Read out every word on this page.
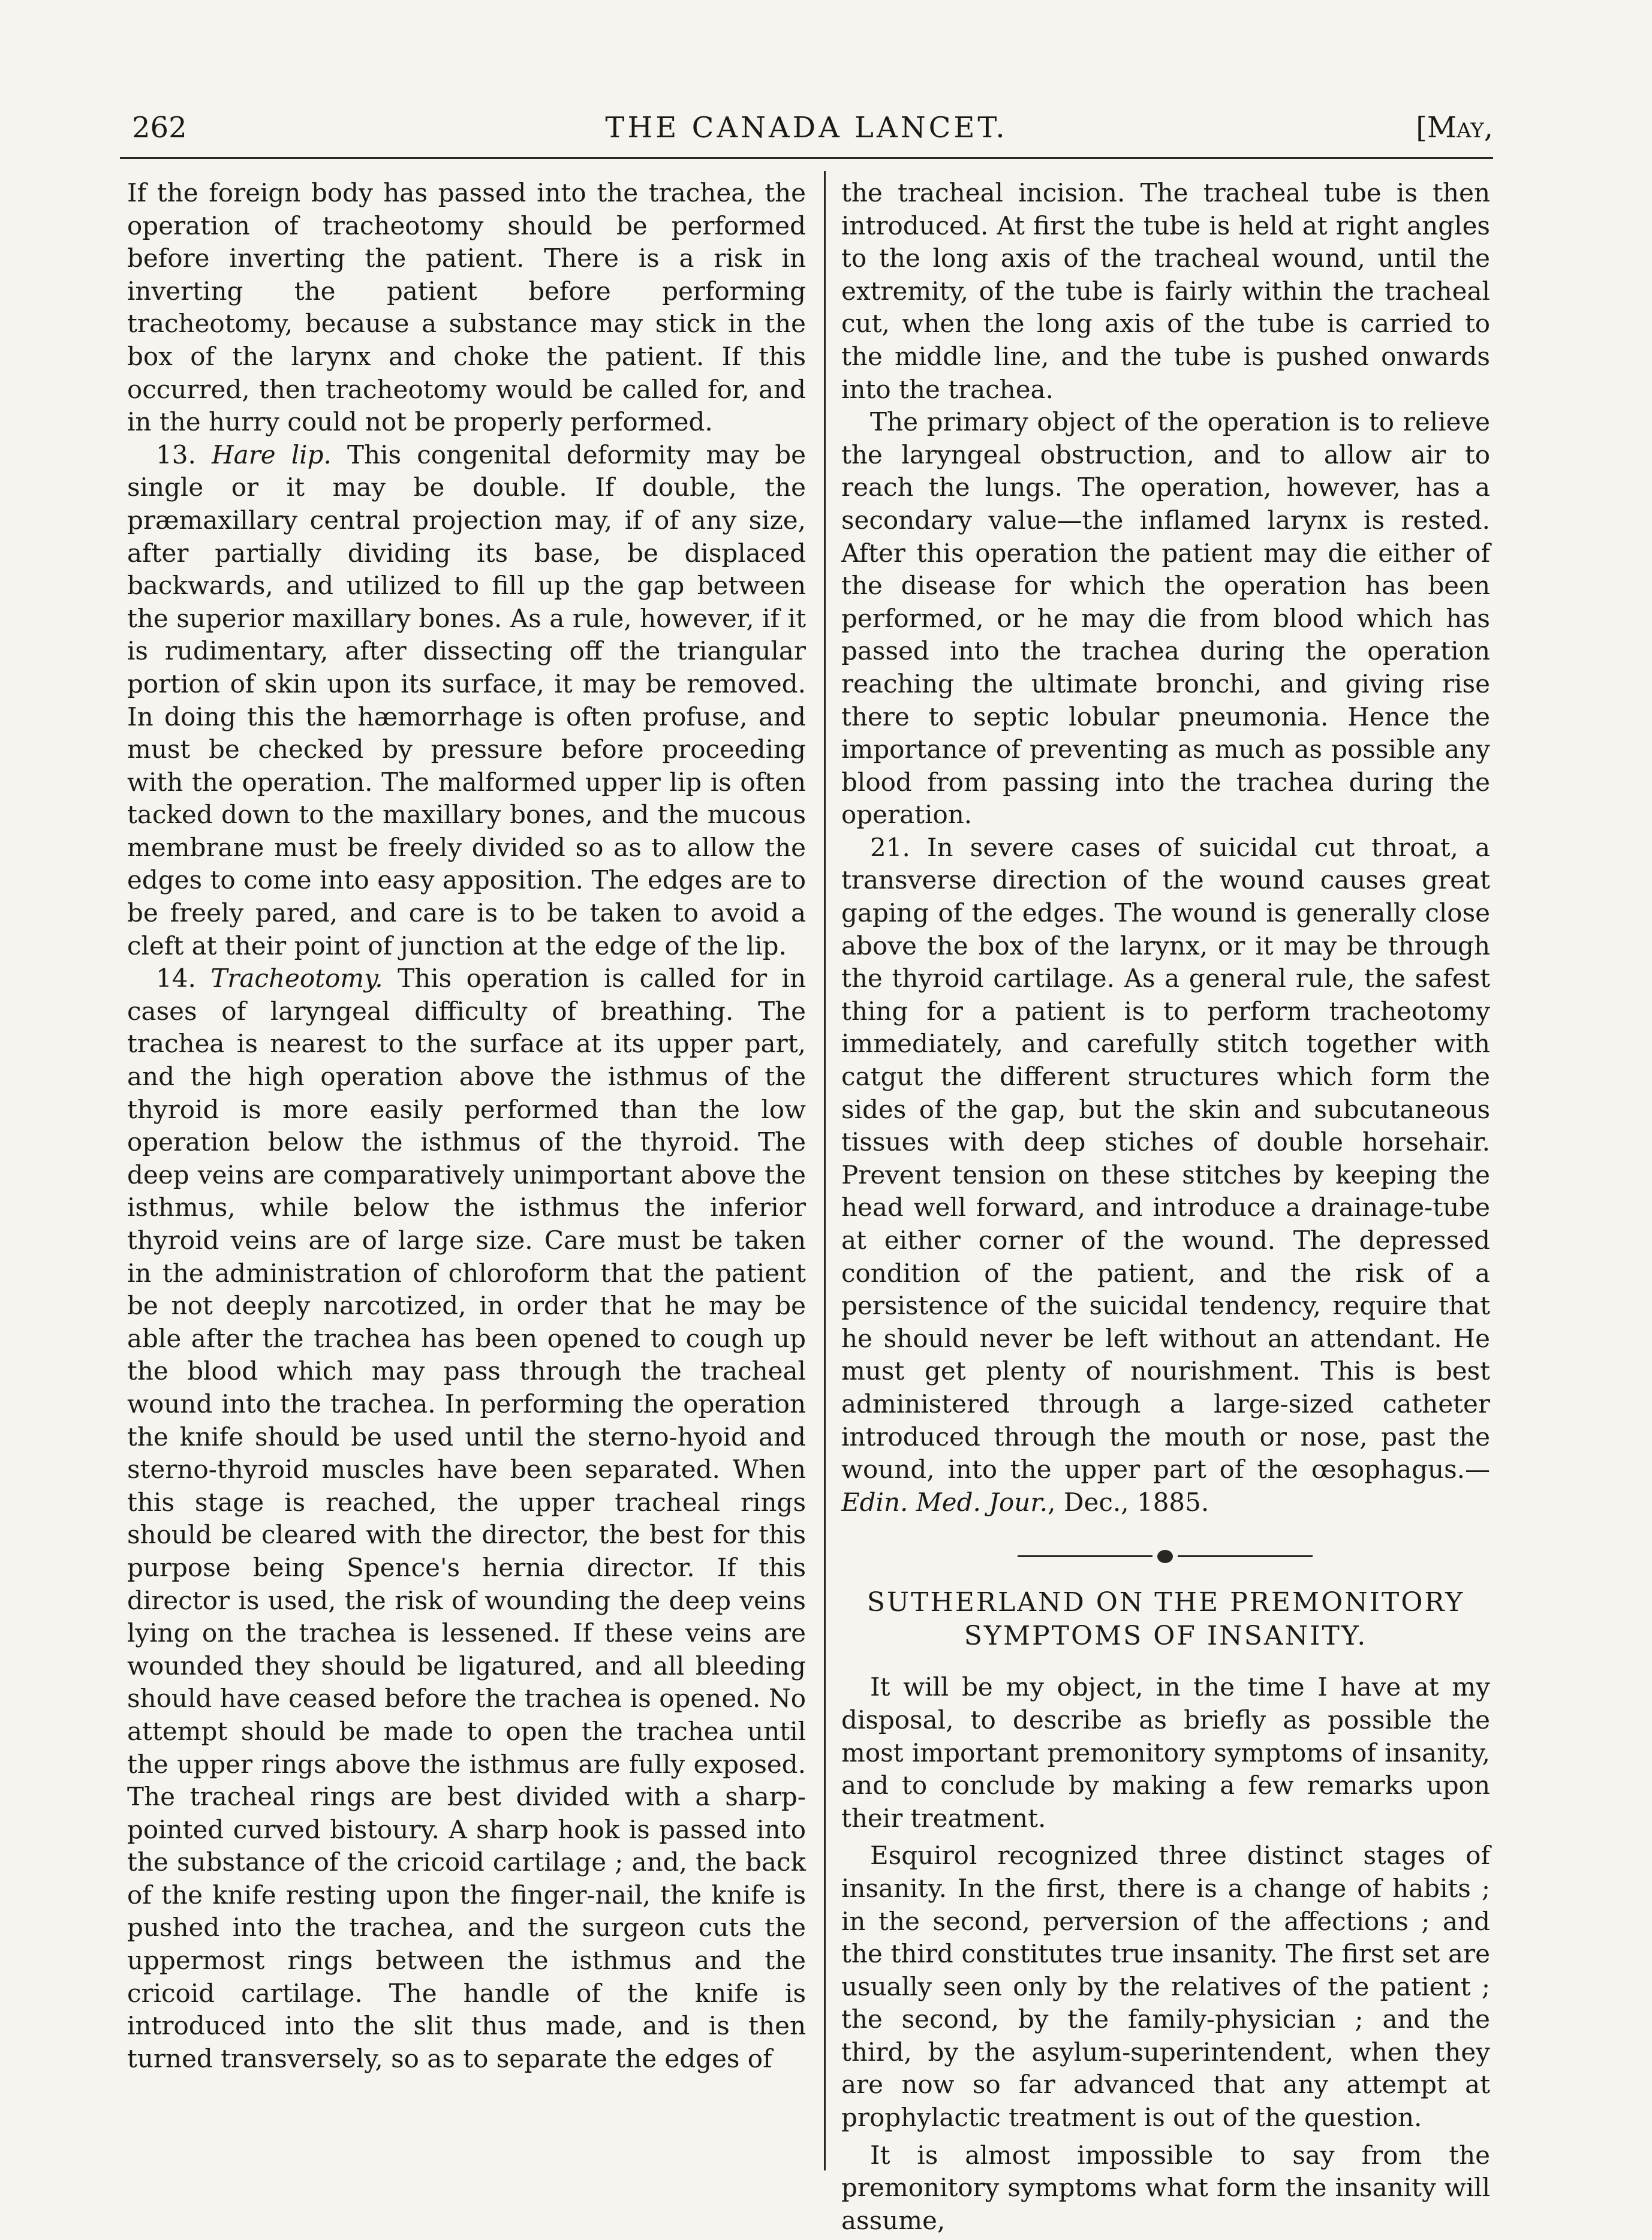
262	THE CANADA LANCET.	[May,

If the foreign body has passed into the trachea, the operation of tracheotomy should be performed before inverting the patient. There is a risk in inverting the patient before performing tracheotomy, because a substance may stick in the box of the larynx and choke the patient. If this occurred, then tracheotomy would be called for, and in the hurry could not be properly performed.

13. Hare lip. This congenital deformity may be single or it may be double. If double, the præmaxillary central projection may, if of any size, after partially dividing its base, be displaced backwards, and utilized to fill up the gap between the superior maxillary bones. As a rule, however, if it is rudimentary, after dissecting off the triangular portion of skin upon its surface, it may be removed. In doing this the hæmorrhage is often profuse, and must be checked by pressure before proceeding with the operation. The malformed upper lip is often tacked down to the maxillary bones, and the mucous membrane must be freely divided so as to allow the edges to come into easy apposition. The edges are to be freely pared, and care is to be taken to avoid a cleft at their point of junction at the edge of the lip.

14. Tracheotomy. This operation is called for in cases of laryngeal difficulty of breathing. The trachea is nearest to the surface at its upper part, and the high operation above the isthmus of the thyroid is more easily performed than the low operation below the isthmus of the thyroid. The deep veins are comparatively unimportant above the isthmus, while below the isthmus the inferior thyroid veins are of large size. Care must be taken in the administration of chloroform that the patient be not deeply narcotized, in order that he may be able after the trachea has been opened to cough up the blood which may pass through the tracheal wound into the trachea. In performing the operation the knife should be used until the sterno-hyoid and sterno-thyroid muscles have been separated. When this stage is reached, the upper tracheal rings should be cleared with the director, the best for this purpose being Spence's hernia director. If this director is used, the risk of wounding the deep veins lying on the trachea is lessened. If these veins are wounded they should be ligatured, and all bleeding should have ceased before the trachea is opened. No attempt should be made to open the trachea until the upper rings above the isthmus are fully exposed. The tracheal rings are best divided with a sharp-pointed curved bistoury. A sharp hook is passed into the substance of the cricoid cartilage ; and, the back of the knife resting upon the finger-nail, the knife is pushed into the trachea, and the surgeon cuts the uppermost rings between the isthmus and the cricoid cartilage. The handle of the knife is introduced into the slit thus made, and is then turned transversely, so as to separate the edges of

the tracheal incision. The tracheal tube is then introduced. At first the tube is held at right angles to the long axis of the tracheal wound, until the extremity, of the tube is fairly within the tracheal cut, when the long axis of the tube is carried to the middle line, and the tube is pushed onwards into the trachea.

The primary object of the operation is to relieve the laryngeal obstruction, and to allow air to reach the lungs. The operation, however, has a secondary value—the inflamed larynx is rested. After this operation the patient may die either of the disease for which the operation has been performed, or he may die from blood which has passed into the trachea during the operation reaching the ultimate bronchi, and giving rise there to septic lobular pneumonia. Hence the importance of preventing as much as possible any blood from passing into the trachea during the operation.

21. In severe cases of suicidal cut throat, a transverse direction of the wound causes great gaping of the edges. The wound is generally close above the box of the larynx, or it may be through the thyroid cartilage. As a general rule, the safest thing for a patient is to perform tracheotomy immediately, and carefully stitch together with catgut the different structures which form the sides of the gap, but the skin and subcutaneous tissues with deep stiches of double horsehair. Prevent tension on these stitches by keeping the head well forward, and introduce a drainage-tube at either corner of the wound. The depressed condition of the patient, and the risk of a persistence of the suicidal tendency, require that he should never be left without an attendant. He must get plenty of nourishment. This is best administered through a large-sized catheter introduced through the mouth or nose, past the wound, into the upper part of the œsophagus.—Edin. Med. Jour., Dec., 1885.

SUTHERLAND ON THE PREMONITORY
SYMPTOMS OF INSANITY.

It will be my object, in the time I have at my disposal, to describe as briefly as possible the most important premonitory symptoms of insanity, and to conclude by making a few remarks upon their treatment.

Esquirol recognized three distinct stages of insanity. In the first, there is a change of habits ; in the second, perversion of the affections ; and the third constitutes true insanity. The first set are usually seen only by the relatives of the patient ; the second, by the family-physician ; and the third, by the asylum-superintendent, when they are now so far advanced that any attempt at prophylactic treatment is out of the question.

It is almost impossible to say from the premonitory symptoms what form the insanity will assume,
